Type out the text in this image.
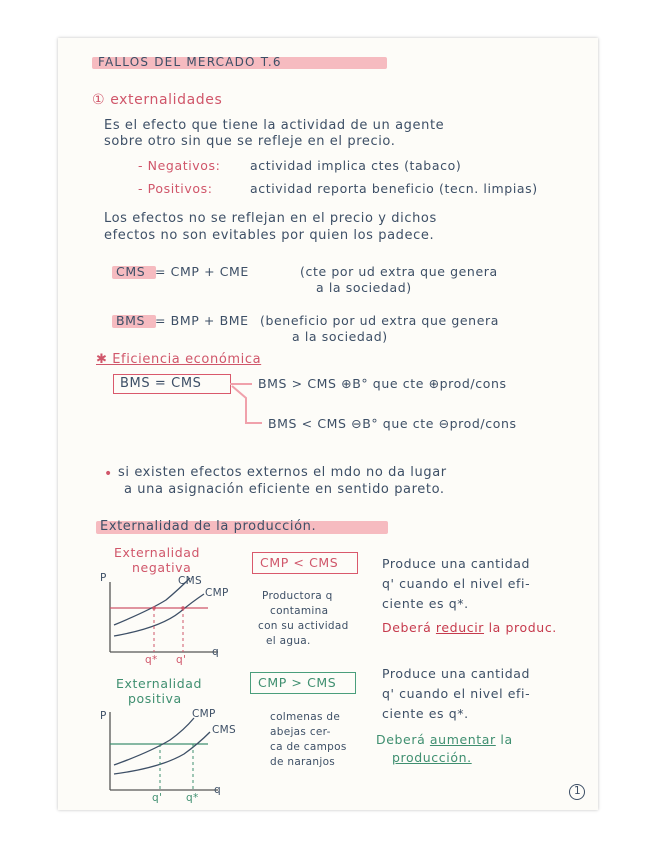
FALLOS DEL MERCADO T.6
① externalidades
Es el efecto que tiene la actividad de un agente
sobre otro sin que se refleje en el precio.
- Negativos: actividad implica ctes (tabaco)
- Positivos:	actividad reporta beneficio (tecn. limpias)
Los efectos no se reflejan en el precio y dichos
efectos no son evitables por quien los padece.
CMS = CMP + CME	(cte por ud extra que genera
a la sociedad)
BMS = BMP + BME (beneficio por ud extra que genera
a la sociedad)
✱ Eficiencia económica
BMS = CMS	BMS > CMS ⊕B° que cte ⊕prod/cons
BMS < CMS ⊖B° que cte ⊖prod/cons
• si existen efectos externos el mdo no da lugar
a una asignación eficiente en sentido pareto.
Externalidad de la producción.
Externalidad
negativa
P
q
CMS
CMP
q* q'
CMP < CMS
Productora q
contamina
con su actividad
el agua.
Produce una cantidad
q' cuando el nivel efi-
ciente es q*.
Deberá reducir la produc.
Externalidad
positiva
P
q
CMP
CMS
q' q*
CMP > CMS
colmenas de
abejas cer-
ca de campos
de naranjos
Produce una cantidad
q' cuando el nivel efi-
ciente es q*.
Deberá aumentar la
producción.
1
